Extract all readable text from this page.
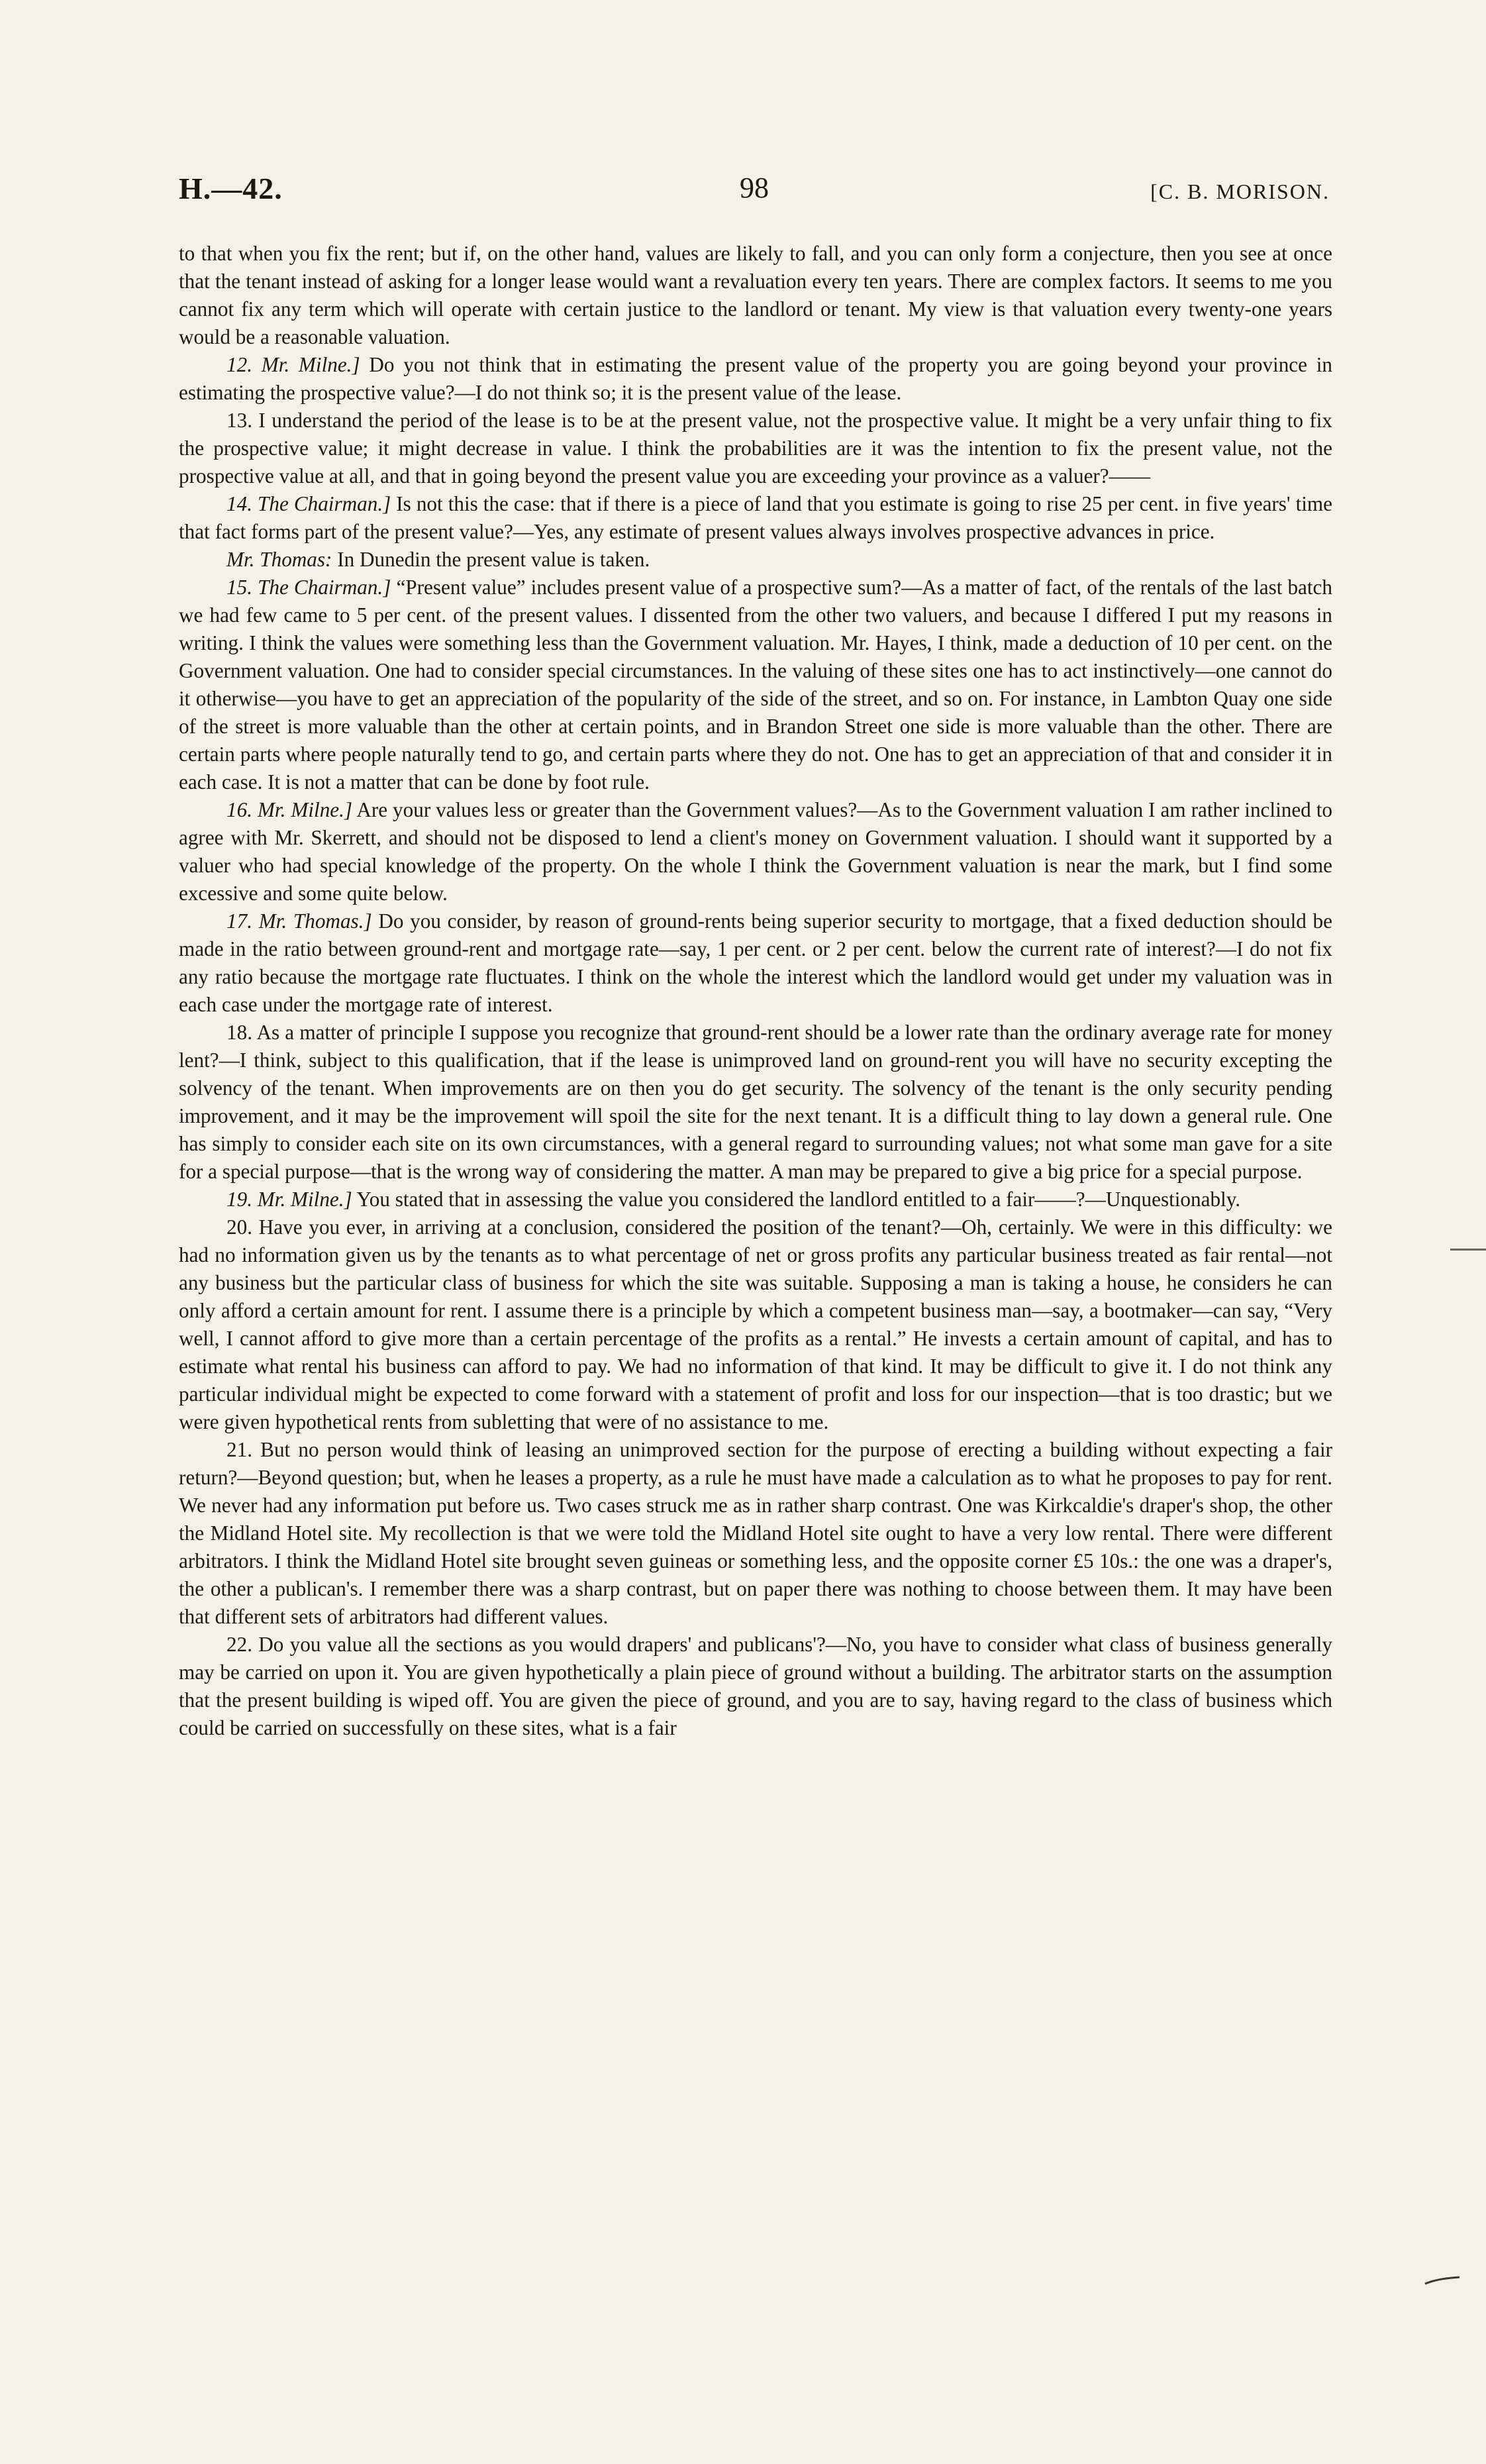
H.—42.	98	[C. B. MORISON.

to that when you fix the rent; but if, on the other hand, values are likely to fall, and you can only form a conjecture, then you see at once that the tenant instead of asking for a longer lease would want a revaluation every ten years. There are complex factors. It seems to me you cannot fix any term which will operate with certain justice to the landlord or tenant. My view is that valuation every twenty-one years would be a reasonable valuation.

12. Mr. Milne.] Do you not think that in estimating the present value of the property you are going beyond your province in estimating the prospective value?—I do not think so; it is the present value of the lease.

13. I understand the period of the lease is to be at the present value, not the prospective value. It might be a very unfair thing to fix the prospective value; it might decrease in value. I think the probabilities are it was the intention to fix the present value, not the prospective value at all, and that in going beyond the present value you are exceeding your province as a valuer?——

14. The Chairman.] Is not this the case: that if there is a piece of land that you estimate is going to rise 25 per cent. in five years' time that fact forms part of the present value?—Yes, any estimate of present values always involves prospective advances in price.

Mr. Thomas: In Dunedin the present value is taken.

15. The Chairman.] “Present value” includes present value of a prospective sum?—As a matter of fact, of the rentals of the last batch we had few came to 5 per cent. of the present values. I dissented from the other two valuers, and because I differed I put my reasons in writing. I think the values were something less than the Government valuation. Mr. Hayes, I think, made a deduction of 10 per cent. on the Government valuation. One had to consider special circumstances. In the valuing of these sites one has to act instinctively—one cannot do it otherwise—you have to get an appreciation of the popularity of the side of the street, and so on. For instance, in Lambton Quay one side of the street is more valuable than the other at certain points, and in Brandon Street one side is more valuable than the other. There are certain parts where people naturally tend to go, and certain parts where they do not. One has to get an appreciation of that and consider it in each case. It is not a matter that can be done by foot rule.

16. Mr. Milne.] Are your values less or greater than the Government values?—As to the Government valuation I am rather inclined to agree with Mr. Skerrett, and should not be disposed to lend a client's money on Government valuation. I should want it supported by a valuer who had special knowledge of the property. On the whole I think the Government valuation is near the mark, but I find some excessive and some quite below.

17. Mr. Thomas.] Do you consider, by reason of ground-rents being superior security to mortgage, that a fixed deduction should be made in the ratio between ground-rent and mortgage rate—say, 1 per cent. or 2 per cent. below the current rate of interest?—I do not fix any ratio because the mortgage rate fluctuates. I think on the whole the interest which the landlord would get under my valuation was in each case under the mortgage rate of interest.

18. As a matter of principle I suppose you recognize that ground-rent should be a lower rate than the ordinary average rate for money lent?—I think, subject to this qualification, that if the lease is unimproved land on ground-rent you will have no security excepting the solvency of the tenant. When improvements are on then you do get security. The solvency of the tenant is the only security pending improvement, and it may be the improvement will spoil the site for the next tenant. It is a difficult thing to lay down a general rule. One has simply to consider each site on its own circumstances, with a general regard to surrounding values; not what some man gave for a site for a special purpose—that is the wrong way of considering the matter. A man may be prepared to give a big price for a special purpose.

19. Mr. Milne.] You stated that in assessing the value you considered the landlord entitled to a fair——?—Unquestionably.

20. Have you ever, in arriving at a conclusion, considered the position of the tenant?—Oh, certainly. We were in this difficulty: we had no information given us by the tenants as to what percentage of net or gross profits any particular business treated as fair rental—not any business but the particular class of business for which the site was suitable. Supposing a man is taking a house, he considers he can only afford a certain amount for rent. I assume there is a principle by which a competent business man—say, a bootmaker—can say, “Very well, I cannot afford to give more than a certain percentage of the profits as a rental.” He invests a certain amount of capital, and has to estimate what rental his business can afford to pay. We had no information of that kind. It may be difficult to give it. I do not think any particular individual might be expected to come forward with a statement of profit and loss for our inspection—that is too drastic; but we were given hypothetical rents from subletting that were of no assistance to me.

21. But no person would think of leasing an unimproved section for the purpose of erecting a building without expecting a fair return?—Beyond question; but, when he leases a property, as a rule he must have made a calculation as to what he proposes to pay for rent. We never had any information put before us. Two cases struck me as in rather sharp contrast. One was Kirkcaldie's draper's shop, the other the Midland Hotel site. My recollection is that we were told the Midland Hotel site ought to have a very low rental. There were different arbitrators. I think the Midland Hotel site brought seven guineas or something less, and the opposite corner £5 10s.: the one was a draper's, the other a publican's. I remember there was a sharp contrast, but on paper there was nothing to choose between them. It may have been that different sets of arbitrators had different values.

22. Do you value all the sections as you would drapers' and publicans'?—No, you have to consider what class of business generally may be carried on upon it. You are given hypothetically a plain piece of ground without a building. The arbitrator starts on the assumption that the present building is wiped off. You are given the piece of ground, and you are to say, having regard to the class of business which could be carried on successfully on these sites, what is a fair
